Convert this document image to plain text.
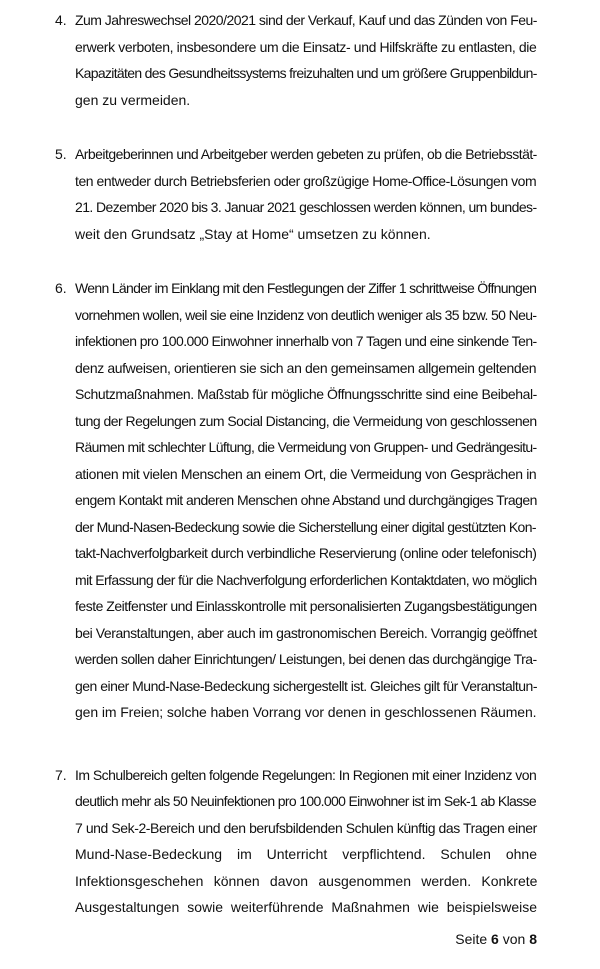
4. Zum Jahreswechsel 2020/2021 sind der Verkauf, Kauf und das Zünden von Feu-
erwerk verboten, insbesondere um die Einsatz- und Hilfskräfte zu entlasten, die
Kapazitäten des Gesundheitssystems freizuhalten und um größere Gruppenbildun-
gen zu vermeiden.
5. Arbeitgeberinnen und Arbeitgeber werden gebeten zu prüfen, ob die Betriebsstät-
ten entweder durch Betriebsferien oder großzügige Home-Office-Lösungen vom
21. Dezember 2020 bis 3. Januar 2021 geschlossen werden können, um bundes-
weit den Grundsatz „Stay at Home“ umsetzen zu können.
6. Wenn Länder im Einklang mit den Festlegungen der Ziffer 1 schrittweise Öffnungen
vornehmen wollen, weil sie eine Inzidenz von deutlich weniger als 35 bzw. 50 Neu-
infektionen pro 100.000 Einwohner innerhalb von 7 Tagen und eine sinkende Ten-
denz aufweisen, orientieren sie sich an den gemeinsamen allgemein geltenden
Schutzmaßnahmen. Maßstab für mögliche Öffnungsschritte sind eine Beibehal-
tung der Regelungen zum Social Distancing, die Vermeidung von geschlossenen
Räumen mit schlechter Lüftung, die Vermeidung von Gruppen- und Gedrängesitu-
ationen mit vielen Menschen an einem Ort, die Vermeidung von Gesprächen in
engem Kontakt mit anderen Menschen ohne Abstand und durchgängiges Tragen
der Mund-Nasen-Bedeckung sowie die Sicherstellung einer digital gestützten Kon-
takt-Nachverfolgbarkeit durch verbindliche Reservierung (online oder telefonisch)
mit Erfassung der für die Nachverfolgung erforderlichen Kontaktdaten, wo möglich
feste Zeitfenster und Einlasskontrolle mit personalisierten Zugangsbestätigungen
bei Veranstaltungen, aber auch im gastronomischen Bereich. Vorrangig geöffnet
werden sollen daher Einrichtungen/ Leistungen, bei denen das durchgängige Tra-
gen einer Mund-Nase-Bedeckung sichergestellt ist. Gleiches gilt für Veranstaltun-
gen im Freien; solche haben Vorrang vor denen in geschlossenen Räumen.
7. Im Schulbereich gelten folgende Regelungen: In Regionen mit einer Inzidenz von
deutlich mehr als 50 Neuinfektionen pro 100.000 Einwohner ist im Sek-1 ab Klasse
7 und Sek-2-Bereich und den berufsbildenden Schulen künftig das Tragen einer
Mund-Nase-Bedeckung im Unterricht verpflichtend. Schulen ohne
Infektionsgeschehen können davon ausgenommen werden. Konkrete
Ausgestaltungen sowie weiterführende Maßnahmen wie beispielsweise
Seite 6 von 8
